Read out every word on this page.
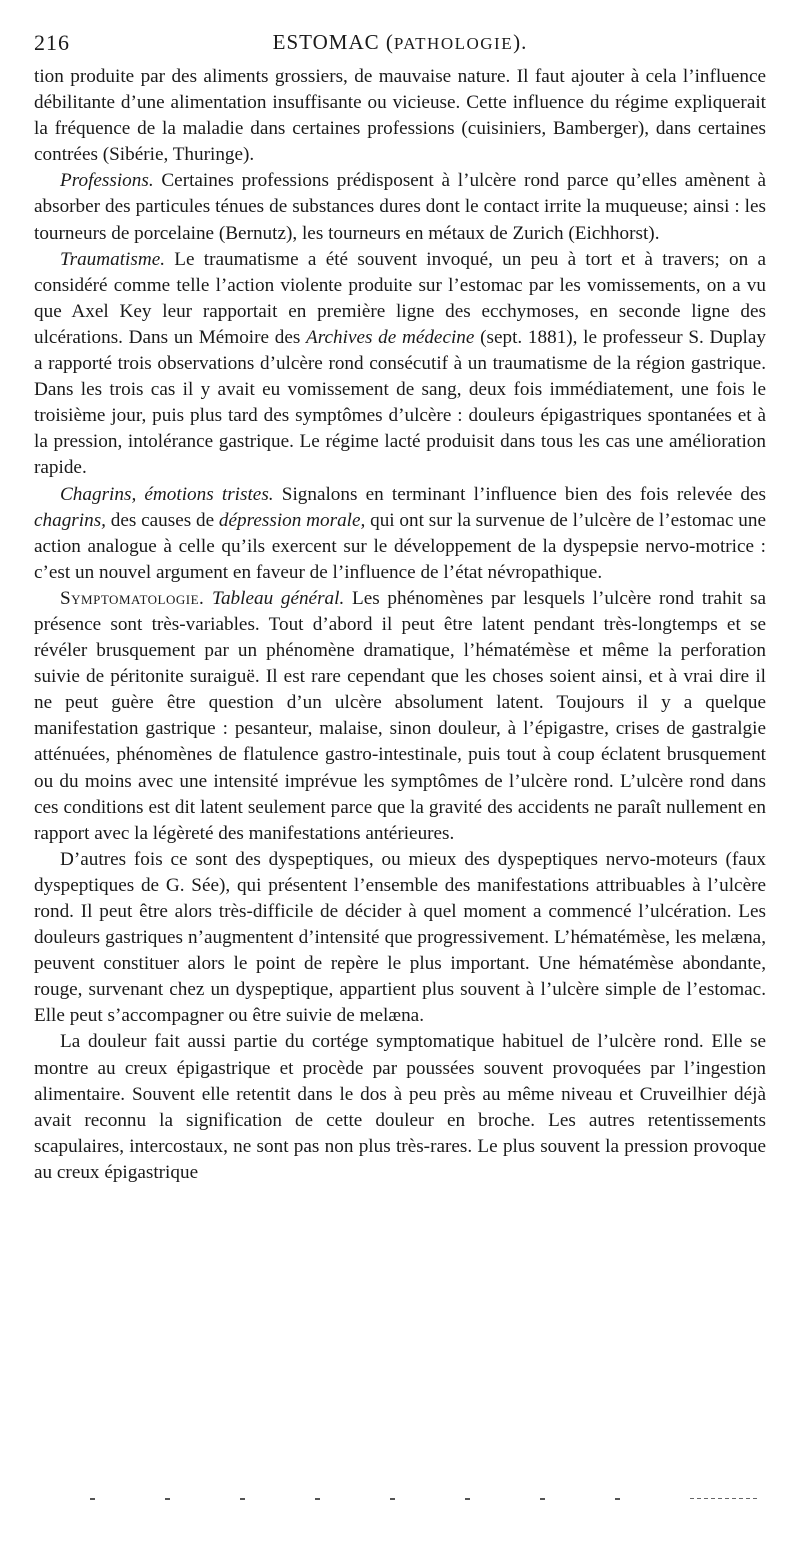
216	ESTOMAC (PATHOLOGIE).

tion produite par des aliments grossiers, de mauvaise nature. Il faut ajouter à cela l’influence débilitante d’une alimentation insuffisante ou vicieuse. Cette influence du régime expliquerait la fréquence de la maladie dans certaines professions (cuisiniers, Bamberger), dans certaines contrées (Sibérie, Thuringe).

Professions. Certaines professions prédisposent à l’ulcère rond parce qu’elles amènent à absorber des particules ténues de substances dures dont le contact irrite la muqueuse; ainsi : les tourneurs de porcelaine (Bernutz), les tourneurs en métaux de Zurich (Eichhorst).

Traumatisme. Le traumatisme a été souvent invoqué, un peu à tort et à travers; on a considéré comme telle l’action violente produite sur l’estomac par les vomissements, on a vu que Axel Key leur rapportait en première ligne des ecchymoses, en seconde ligne des ulcérations. Dans un Mémoire des Archives de médecine (sept. 1881), le professeur S. Duplay a rapporté trois observations d’ulcère rond consécutif à un traumatisme de la région gastrique. Dans les trois cas il y avait eu vomissement de sang, deux fois immédiatement, une fois le troisième jour, puis plus tard des symptômes d’ulcère : douleurs épigastriques spontanées et à la pression, intolérance gastrique. Le régime lacté produisit dans tous les cas une amélioration rapide.

Chagrins, émotions tristes. Signalons en terminant l’influence bien des fois relevée des chagrins, des causes de dépression morale, qui ont sur la survenue de l’ulcère de l’estomac une action analogue à celle qu’ils exercent sur le développement de la dyspepsie nervo-motrice : c’est un nouvel argument en faveur de l’influence de l’état névropathique.

Symptomatologie. Tableau général. Les phénomènes par lesquels l’ulcère rond trahit sa présence sont très-variables. Tout d’abord il peut être latent pendant très-longtemps et se révéler brusquement par un phénomène dramatique, l’hématémèse et même la perforation suivie de péritonite suraiguë. Il est rare cependant que les choses soient ainsi, et à vrai dire il ne peut guère être question d’un ulcère absolument latent. Toujours il y a quelque manifestation gastrique : pesanteur, malaise, sinon douleur, à l’épigastre, crises de gastralgie atténuées, phénomènes de flatulence gastro-intestinale, puis tout à coup éclatent brusquement ou du moins avec une intensité imprévue les symptômes de l’ulcère rond. L’ulcère rond dans ces conditions est dit latent seulement parce que la gravité des accidents ne paraît nullement en rapport avec la légèreté des manifestations antérieures.

D’autres fois ce sont des dyspeptiques, ou mieux des dyspeptiques nervo-moteurs (faux dyspeptiques de G. Sée), qui présentent l’ensemble des manifestations attribuables à l’ulcère rond. Il peut être alors très-difficile de décider à quel moment a commencé l’ulcération. Les douleurs gastriques n’augmentent d’intensité que progressivement. L’hématémèse, les melæna, peuvent constituer alors le point de repère le plus important. Une hématémèse abondante, rouge, survenant chez un dyspeptique, appartient plus souvent à l’ulcère simple de l’estomac. Elle peut s’accompagner ou être suivie de melæna.

La douleur fait aussi partie du cortége symptomatique habituel de l’ulcère rond. Elle se montre au creux épigastrique et procède par poussées souvent provoquées par l’ingestion alimentaire. Souvent elle retentit dans le dos à peu près au même niveau et Cruveilhier déjà avait reconnu la signification de cette douleur en broche. Les autres retentissements scapulaires, intercostaux, ne sont pas non plus très-rares. Le plus souvent la pression provoque au creux épigastrique
